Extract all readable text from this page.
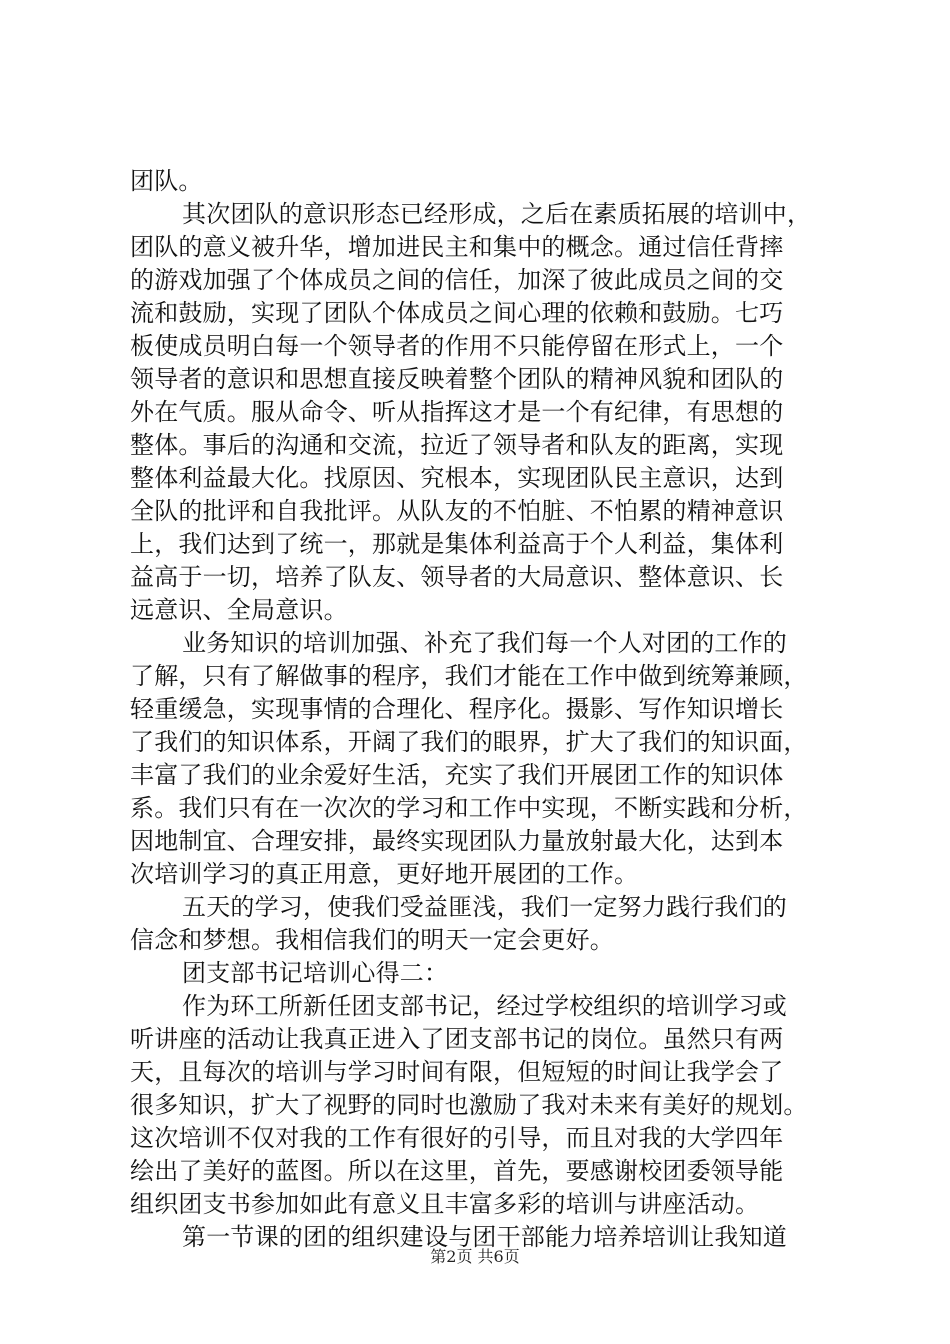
团队。
其次团队的意识形态已经形成，之后在素质拓展的培训中，
团队的意义被升华，增加进民主和集中的概念。通过信任背摔
的游戏加强了个体成员之间的信任，加深了彼此成员之间的交
流和鼓励，实现了团队个体成员之间心理的依赖和鼓励。七巧
板使成员明白每一个领导者的作用不只能停留在形式上，一个
领导者的意识和思想直接反映着整个团队的精神风貌和团队的
外在气质。服从命令、听从指挥这才是一个有纪律，有思想的
整体。事后的沟通和交流，拉近了领导者和队友的距离，实现
整体利益最大化。找原因、究根本，实现团队民主意识，达到
全队的批评和自我批评。从队友的不怕脏、不怕累的精神意识
上，我们达到了统一，那就是集体利益高于个人利益，集体利
益高于一切，培养了队友、领导者的大局意识、整体意识、长
远意识、全局意识。
业务知识的培训加强、补充了我们每一个人对团的工作的
了解，只有了解做事的程序，我们才能在工作中做到统筹兼顾，
轻重缓急，实现事情的合理化、程序化。摄影、写作知识增长
了我们的知识体系，开阔了我们的眼界，扩大了我们的知识面，
丰富了我们的业余爱好生活，充实了我们开展团工作的知识体
系。我们只有在一次次的学习和工作中实现，不断实践和分析，
因地制宜、合理安排，最终实现团队力量放射最大化，达到本
次培训学习的真正用意，更好地开展团的工作。
五天的学习，使我们受益匪浅，我们一定努力践行我们的
信念和梦想。我相信我们的明天一定会更好。
团支部书记培训心得二：
作为环工所新任团支部书记，经过学校组织的培训学习或
听讲座的活动让我真正进入了团支部书记的岗位。虽然只有两
天，且每次的培训与学习时间有限，但短短的时间让我学会了
很多知识，扩大了视野的同时也激励了我对未来有美好的规划。
这次培训不仅对我的工作有很好的引导，而且对我的大学四年
绘出了美好的蓝图。所以在这里，首先，要感谢校团委领导能
组织团支书参加如此有意义且丰富多彩的培训与讲座活动。
第一节课的团的组织建设与团干部能力培养培训让我知道
第2页 共6页
